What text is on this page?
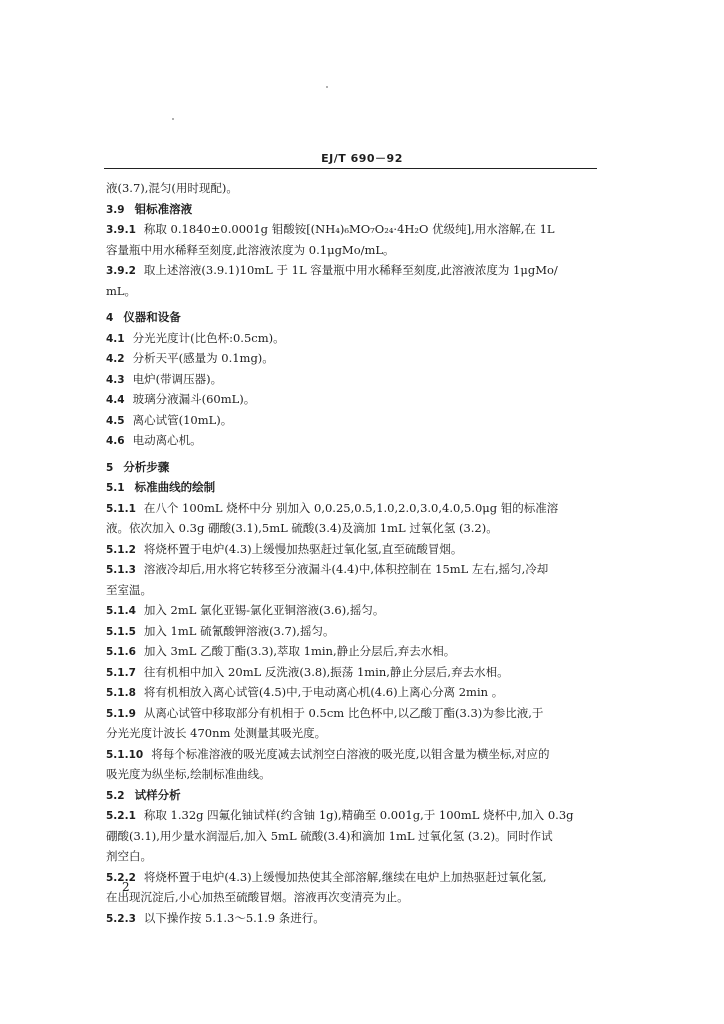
EJ/T 690－92
液(3.7),混匀(用时现配)。
3.9 钼标准溶液
3.9.1 称取 0.1840±0.0001g 钼酸铵[(NH₄)₆MO₇O₂₄·4H₂O 优级纯],用水溶解,在 1L
容量瓶中用水稀释至刻度,此溶液浓度为 0.1μgMo/mL。
3.9.2 取上述溶液(3.9.1)10mL 于 1L 容量瓶中用水稀释至刻度,此溶液浓度为 1μgMo/
mL。
4 仪器和设备
4.1 分光光度计(比色杯:0.5cm)。
4.2 分析天平(感量为 0.1mg)。
4.3 电炉(带调压器)。
4.4 玻璃分液漏斗(60mL)。
4.5 离心试管(10mL)。
4.6 电动离心机。
5 分析步骤
5.1 标准曲线的绘制
5.1.1 在八个 100mL 烧杯中分 别加入 0,0.25,0.5,1.0,2.0,3.0,4.0,5.0μg 钼的标准溶
液。依次加入 0.3g 硼酸(3.1),5mL 硫酸(3.4)及滴加 1mL 过氧化氢 (3.2)。
5.1.2 将烧杯置于电炉(4.3)上缓慢加热驱赶过氧化氢,直至硫酸冒烟。
5.1.3 溶液冷却后,用水将它转移至分液漏斗(4.4)中,体积控制在 15mL 左右,摇匀,冷却
至室温。
5.1.4 加入 2mL 氯化亚锡-氯化亚铜溶液(3.6),摇匀。
5.1.5 加入 1mL 硫氰酸钾溶液(3.7),摇匀。
5.1.6 加入 3mL 乙酸丁酯(3.3),萃取 1min,静止分层后,弃去水相。
5.1.7 往有机相中加入 20mL 反洗液(3.8),振荡 1min,静止分层后,弃去水相。
5.1.8 将有机相放入离心试管(4.5)中,于电动离心机(4.6)上离心分离 2min 。
5.1.9 从离心试管中移取部分有机相于 0.5cm 比色杯中,以乙酸丁酯(3.3)为参比液,于
分光光度计波长 470nm 处测量其吸光度。
5.1.10 将每个标准溶液的吸光度减去试剂空白溶液的吸光度,以钼含量为横坐标,对应的
吸光度为纵坐标,绘制标准曲线。
5.2 试样分析
5.2.1 称取 1.32g 四氟化铀试样(约含铀 1g),精确至 0.001g,于 100mL 烧杯中,加入 0.3g
硼酸(3.1),用少量水润湿后,加入 5mL 硫酸(3.4)和滴加 1mL 过氧化氢 (3.2)。同时作试
剂空白。
5.2.2 将烧杯置于电炉(4.3)上缓慢加热使其全部溶解,继续在电炉上加热驱赶过氧化氢,
在出现沉淀后,小心加热至硫酸冒烟。溶液再次变清亮为止。
5.2.3 以下操作按 5.1.3～5.1.9 条进行。
2
